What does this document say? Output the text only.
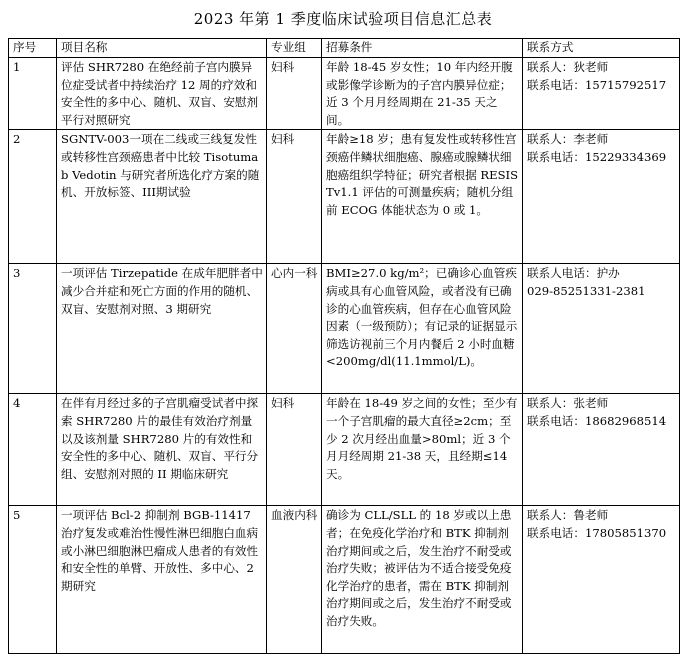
2023 年第 1 季度临床试验项目信息汇总表
序号	项目名称	专业组	招募条件	联系方式
1	评估 SHR7280 在绝经前子宫内膜异位症受试者中持续治疗 12 周的疗效和安全性的多中心、随机、双盲、安慰剂平行对照研究	妇科	年龄 18-45 岁女性；10 年内经开腹或影像学诊断为的子宫内膜异位症；近 3 个月月经周期在 21-35 天之间。	联系人：狄老师
联系电话：15715792517

2	SGNTV-003一项在二线或三线复发性或转移性宫颈癌患者中比较 Tisotumab Vedotin 与研究者所选化疗方案的随机、开放标签、III期试验	妇科	年龄≥18 岁；患有复发性或转移性宫颈癌伴鳞状细胞癌、腺癌或腺鳞状细胞癌组织学特征；研究者根据 RESISTv1.1 评估的可测量疾病；随机分组前 ECOG 体能状态为 0 或 1。	联系人：李老师
联系电话：15229334369

3	一项评估 Tirzepatide 在成年肥胖者中减少合并症和死亡方面的作用的随机、双盲、安慰剂对照、3 期研究	心内一科	BMI≥27.0 kg/m²；已确诊心血管疾病或具有心血管风险，或者没有已确诊的心血管疾病，但存在心血管风险因素（一级预防）；有记录的证据显示筛选访视前三个月内餐后 2 小时血糖<200mg/dl(11.1mmol/L)。	联系人电话：护办
029-85251331-2381

4	在伴有月经过多的子宫肌瘤受试者中探索 SHR7280 片的最佳有效治疗剂量以及该剂量 SHR7280 片的有效性和安全性的多中心、随机、双盲、平行分组、安慰剂对照的 II 期临床研究	妇科	年龄在 18-49 岁之间的女性；至少有一个子宫肌瘤的最大直径≥2cm；至少 2 次月经出血量>80ml；近 3 个月月经周期 21-38 天，且经期≤14 天。	联系人：张老师
联系电话：18682968514

5	一项评估 Bcl-2 抑制剂 BGB-11417 治疗复发或难治性慢性淋巴细胞白血病或小淋巴细胞淋巴瘤成人患者的有效性和安全性的单臂、开放性、多中心、2 期研究	血液内科	确诊为 CLL/SLL 的 18 岁或以上患者；在免疫化学治疗和 BTK 抑制剂治疗期间或之后，发生治疗不耐受或治疗失败；被评估为不适合接受免疫化学治疗的患者，需在 BTK 抑制剂治疗期间或之后，发生治疗不耐受或治疗失败。	联系人：鲁老师
联系电话：17805851370
